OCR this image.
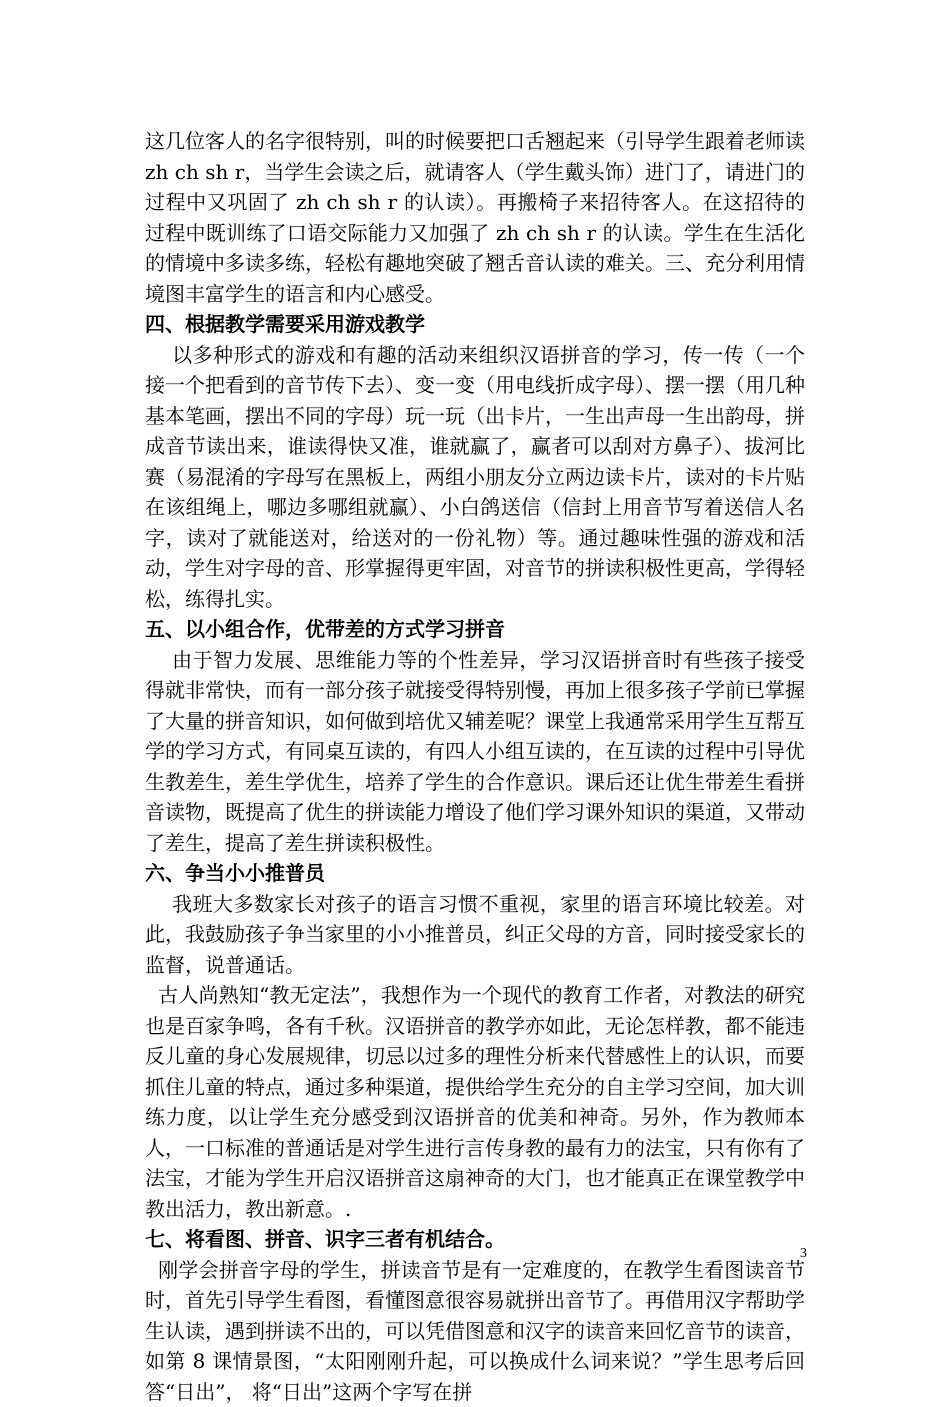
这几位客人的名字很特别，叫的时候要把口舌翘起来（引导学生跟着老师读 zh ch sh r，当学生会读之后，就请客人（学生戴头饰）进门了，请进门的过程中又巩固了 zh ch sh r 的认读）。再搬椅子来招待客人。在这招待的过程中既训练了口语交际能力又加强了 zh ch sh r 的认读。学生在生活化的情境中多读多练，轻松有趣地突破了翘舌音认读的难关。三、充分利用情境图丰富学生的语言和内心感受。

四、根据教学需要采用游戏教学

以多种形式的游戏和有趣的活动来组织汉语拼音的学习，传一传（一个接一个把看到的音节传下去）、变一变（用电线折成字母）、摆一摆（用几种基本笔画，摆出不同的字母）玩一玩（出卡片，一生出声母一生出韵母，拼成音节读出来，谁读得快又准，谁就赢了，赢者可以刮对方鼻子）、拔河比赛（易混淆的字母写在黑板上，两组小朋友分立两边读卡片，读对的卡片贴在该组绳上，哪边多哪组就赢）、小白鸽送信（信封上用音节写着送信人名字，读对了就能送对，给送对的一份礼物）等。通过趣味性强的游戏和活动，学生对字母的音、形掌握得更牢固，对音节的拼读积极性更高，学得轻松，练得扎实。

五、以小组合作，优带差的方式学习拼音

由于智力发展、思维能力等的个性差异，学习汉语拼音时有些孩子接受得就非常快，而有一部分孩子就接受得特别慢，再加上很多孩子学前已掌握了大量的拼音知识，如何做到培优又辅差呢？课堂上我通常采用学生互帮互学的学习方式，有同桌互读的，有四人小组互读的，在互读的过程中引导优生教差生，差生学优生，培养了学生的合作意识。课后还让优生带差生看拼音读物，既提高了优生的拼读能力增设了他们学习课外知识的渠道，又带动了差生，提高了差生拼读积极性。

六、争当小小推普员

我班大多数家长对孩子的语言习惯不重视，家里的语言环境比较差。对此，我鼓励孩子争当家里的小小推普员，纠正父母的方音，同时接受家长的监督，说普通话。

古人尚熟知“教无定法”，我想作为一个现代的教育工作者，对教法的研究也是百家争鸣，各有千秋。汉语拼音的教学亦如此，无论怎样教，都不能违反儿童的身心发展规律，切忌以过多的理性分析来代替感性上的认识，而要抓住儿童的特点，通过多种渠道，提供给学生充分的自主学习空间，加大训练力度，以让学生充分感受到汉语拼音的优美和神奇。另外，作为教师本人，一口标准的普通话是对学生进行言传身教的最有力的法宝，只有你有了法宝，才能为学生开启汉语拼音这扇神奇的大门，也才能真正在课堂教学中教出活力，教出新意。.

七、将看图、拼音、识字三者有机结合。

刚学会拼音字母的学生，拼读音节是有一定难度的，在教学生看图读音节时，首先引导学生看图，看懂图意很容易就拼出音节了。再借用汉字帮助学生认读，遇到拼读不出的，可以凭借图意和汉字的读音来回忆音节的读音，如第 8 课情景图，“太阳刚刚升起，可以换成什么词来说？”学生思考后回答“日出”， 将“日出”这两个字写在拼

3
